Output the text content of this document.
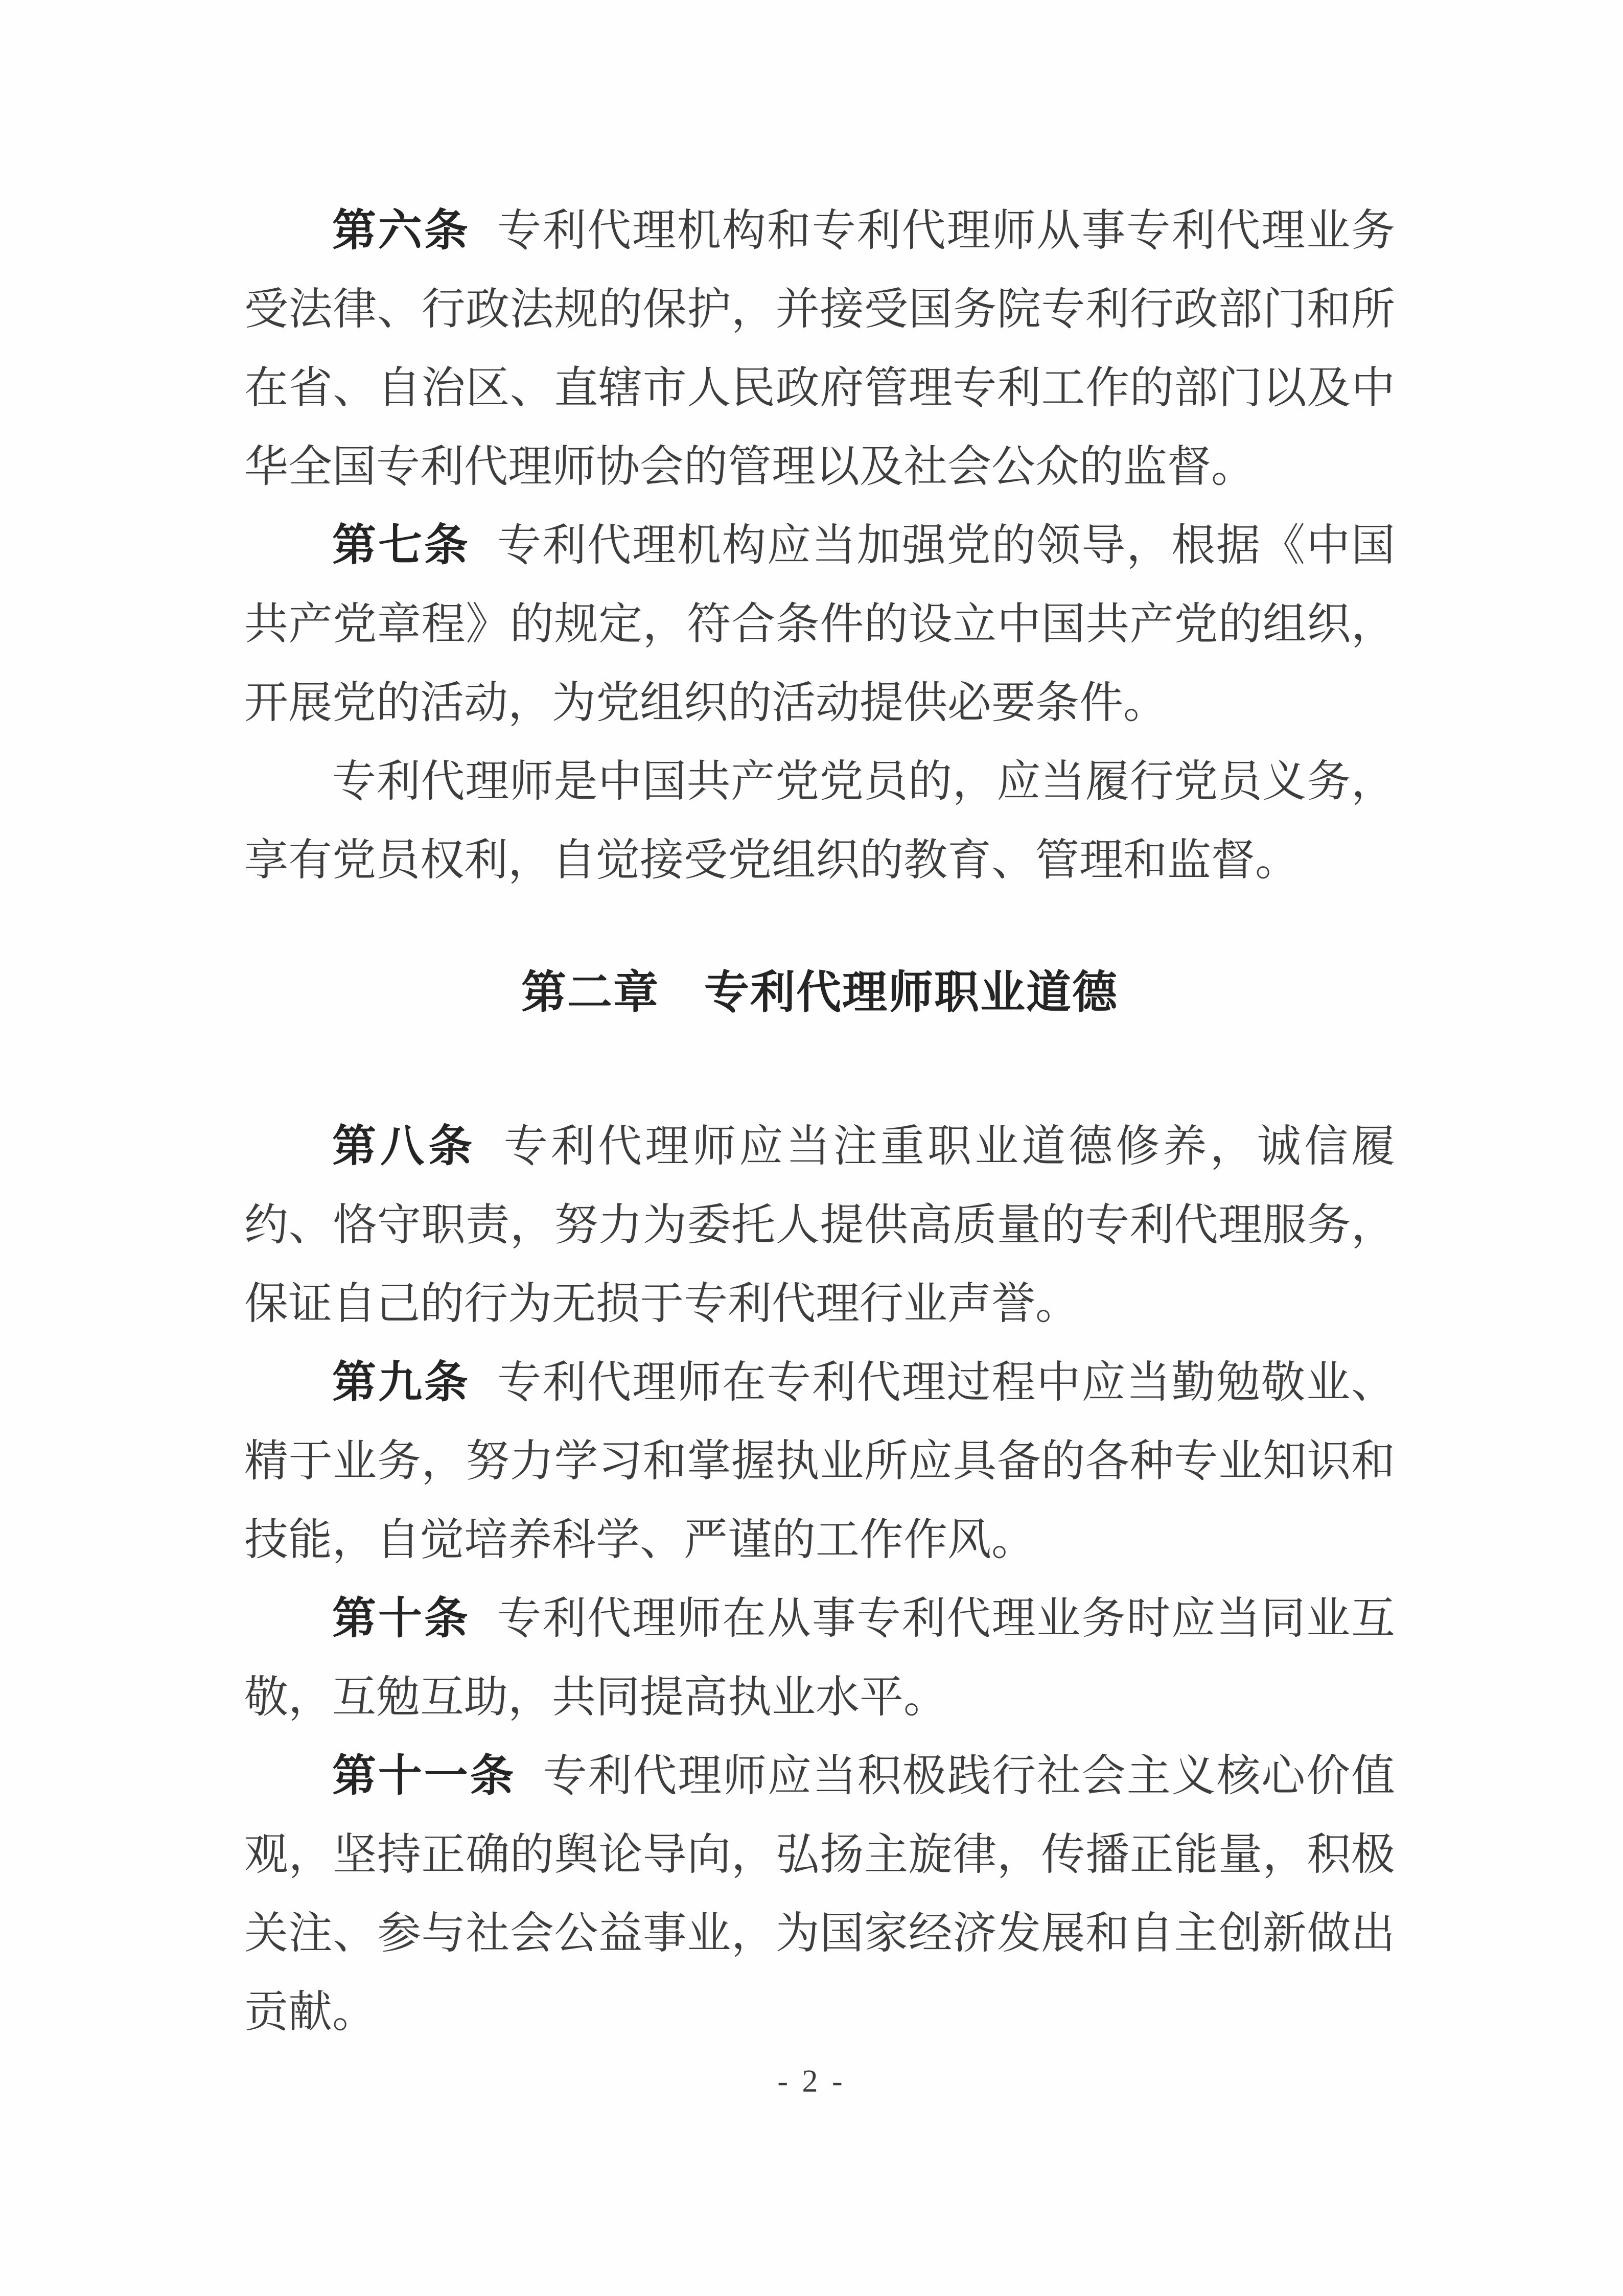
第六条 专利代理机构和专利代理师从事专利代理业务受法律、行政法规的保护，并接受国务院专利行政部门和所在省、自治区、直辖市人民政府管理专利工作的部门以及中华全国专利代理师协会的管理以及社会公众的监督。

第七条 专利代理机构应当加强党的领导，根据《中国共产党章程》的规定，符合条件的设立中国共产党的组织，开展党的活动，为党组织的活动提供必要条件。

专利代理师是中国共产党党员的，应当履行党员义务，享有党员权利，自觉接受党组织的教育、管理和监督。

第二章 专利代理师职业道德

第八条 专利代理师应当注重职业道德修养，诚信履约、恪守职责，努力为委托人提供高质量的专利代理服务，保证自己的行为无损于专利代理行业声誉。

第九条 专利代理师在专利代理过程中应当勤勉敬业、精于业务，努力学习和掌握执业所应具备的各种专业知识和技能，自觉培养科学、严谨的工作作风。

第十条 专利代理师在从事专利代理业务时应当同业互敬，互勉互助，共同提高执业水平。

第十一条 专利代理师应当积极践行社会主义核心价值观，坚持正确的舆论导向，弘扬主旋律，传播正能量，积极关注、参与社会公益事业，为国家经济发展和自主创新做出贡献。

- 2 -
